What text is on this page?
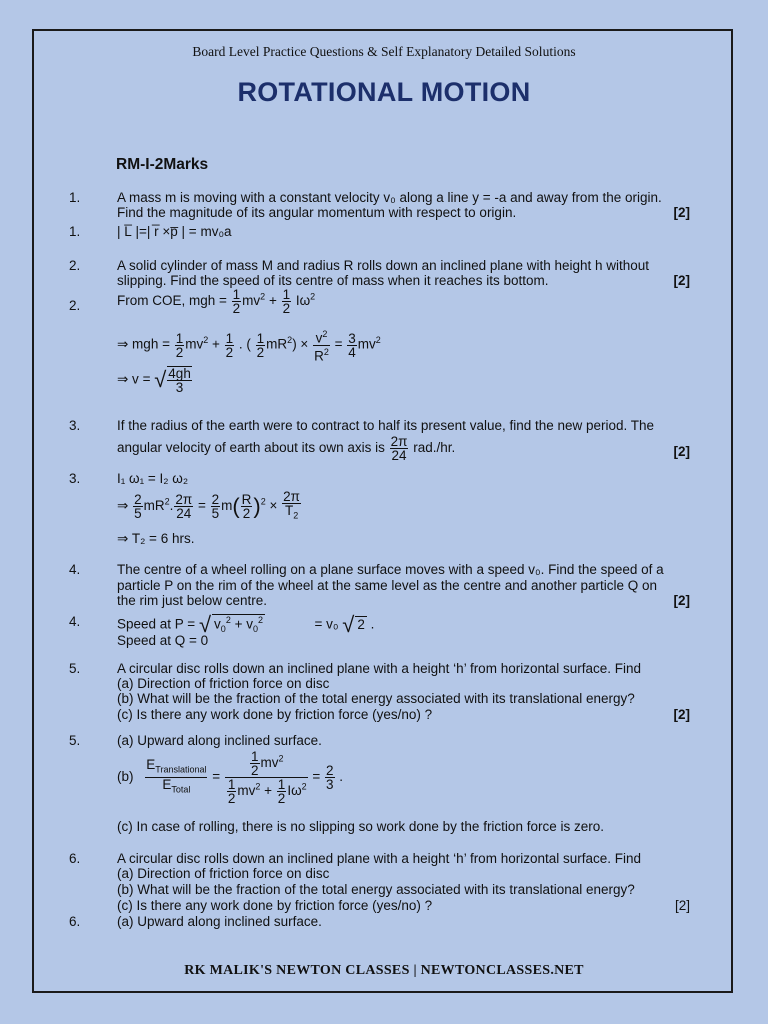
Board Level Practice Questions & Self Explanatory Detailed Solutions
ROTATIONAL MOTION
RM-I-2Marks
1.	A mass m is moving with a constant velocity v₀ along a line y = -a and away from the origin.
Find the magnitude of its angular momentum with respect to origin.	[2]
1.	| L̅ |=| r̅ ×p̅ | = mv₀a
2.	A solid cylinder of mass M and radius R rolls down an inclined plane with height h without
slipping. Find the speed of its centre of mass when it reaches its bottom.	[2]
2.	From COE, mgh = $\frac{1}{2} mv^2 + \frac{1}{2} I\omega^2$
⇒ mgh = $\frac{1}{2} mv^2 + \frac{1}{2}$ . ( $\frac{1}{2} mR^2) \times \frac{v^2}{R^2} = \frac{3}{4} mv^2$
⇒ v = √ $\frac{4gh}{3}$
3.	If the radius of the earth were to contract to half its present value, find the new period. The
angular velocity of earth about its own axis is $\frac{2\pi}{24} rad./hr$.	[2]
3.	I₁ ω₁ = I₂ ω₂
⇒ $\frac{2}{5} mR^2$. $\frac{2\pi}{24} = \frac{2}{5} m( \frac{R}{2} )^2 \times \frac{2\pi}{T_2}$
⇒ T₂ = 6 hrs.
4.	The centre of a wheel rolling on a plane surface moves with a speed v₀. Find the speed of a
particle P on the rim of the wheel at the same level as the centre and another particle Q on
the rim just below centre.	[2]
4.	Speed at P = √ $v_0^2 + v_0^2$	= v₀ √ 2 .
Speed at Q = 0
5.	A circular disc rolls down an inclined plane with a height ‘h’ from horizontal surface. Find
(a) Direction of friction force on disc
(b) What will be the fraction of the total energy associated with its translational energy?
(c) Is there any work done by friction force (yes/no) ?	[2]
5.	(a) Upward along inclined surface.
$(b) \frac{E_{Translational}}{E_{Total}} = \frac{\frac{1}{2} mv^2}{\frac{1}{2} mv^2 + \frac{1}{2} I\omega^2} = \frac{2}{3}$ .
(c) In case of rolling, there is no slipping so work done by the friction force is zero.
6.	A circular disc rolls down an inclined plane with a height ‘h’ from horizontal surface. Find
(a) Direction of friction force on disc
(b) What will be the fraction of the total energy associated with its translational energy?
(c) Is there any work done by friction force (yes/no) ?	[2]
6.	(a) Upward along inclined surface.
RK MALIK'S NEWTON CLASSES | NEWTONCLASSES.NET
